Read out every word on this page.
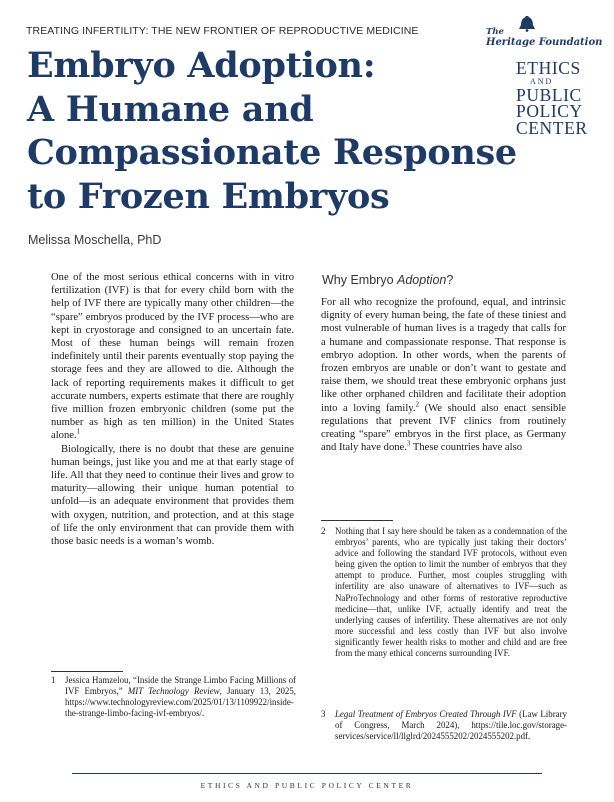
TREATING INFERTILITY: THE NEW FRONTIER OF REPRODUCTIVE MEDICINE
Embryo Adoption:
A Humane and
Compassionate Response
to Frozen Embryos
Melissa Moschella, PhD
The
Heritage Foundation
ETHICS
AND
PUBLIC
POLICY
CENTER

One of the most serious ethical concerns with in vitro fertilization (IVF) is that for every child born with the help of IVF there are typically many other children—the “spare” embryos produced by the IVF process—who are kept in cryostorage and consigned to an uncertain fate. Most of these human beings will remain frozen indefinitely until their parents eventually stop paying the storage fees and they are allowed to die. Although the lack of reporting requirements makes it difficult to get accurate numbers, experts estimate that there are roughly five million frozen embryonic children (some put the number as high as ten million) in the United States alone.$^1$

Biologically, there is no doubt that these are genuine human beings, just like you and me at that early stage of life. All that they need to continue their lives and grow to maturity—allowing their unique human potential to unfold—is an adequate environment that provides them with oxygen, nutrition, and protection, and at this stage of life the only environment that can provide them with those basic needs is a woman’s womb.

Why Embryo Adoption?

For all who recognize the profound, equal, and intrinsic dignity of every human being, the fate of these tiniest and most vulnerable of human lives is a tragedy that calls for a humane and compassionate response. That response is embryo adoption. In other words, when the parents of frozen embryos are unable or don’t want to gestate and raise them, we should treat these embryonic orphans just like other orphaned children and facilitate their adoption into a loving family.$^2$ (We should also enact sensible regulations that prevent IVF clinics from routinely creating “spare” embryos in the first place, as Germany and Italy have done.$^3$ These countries have also

1	Jessica Hamzelou, “Inside the Strange Limbo Facing Millions of IVF Embryos,” MIT Technology Review, January 13, 2025, https://www.technologyreview.com/2025/01/13/1109922/inside-the-strange-limbo-facing-ivf-embryos/.
2	Nothing that I say here should be taken as a condemnation of the embryos’ parents, who are typically just taking their doctors’ advice and following the standard IVF protocols, without even being given the option to limit the number of embryos that they attempt to produce. Further, most couples struggling with infertility are also unaware of alternatives to IVF—such as NaProTechnology and other forms of restorative reproductive medicine—that, unlike IVF, actually identify and treat the underlying causes of infertility. These alternatives are not only more successful and less costly than IVF but also involve significantly fewer health risks to mother and child and are free from the many ethical concerns surrounding IVF.
3	Legal Treatment of Embryos Created Through IVF (Law Library of Congress, March 2024), https://tile.loc.gov/storage-services/service/ll/llglrd/2024555202/2024555202.pdf.
ETHICS AND PUBLIC POLICY CENTER
